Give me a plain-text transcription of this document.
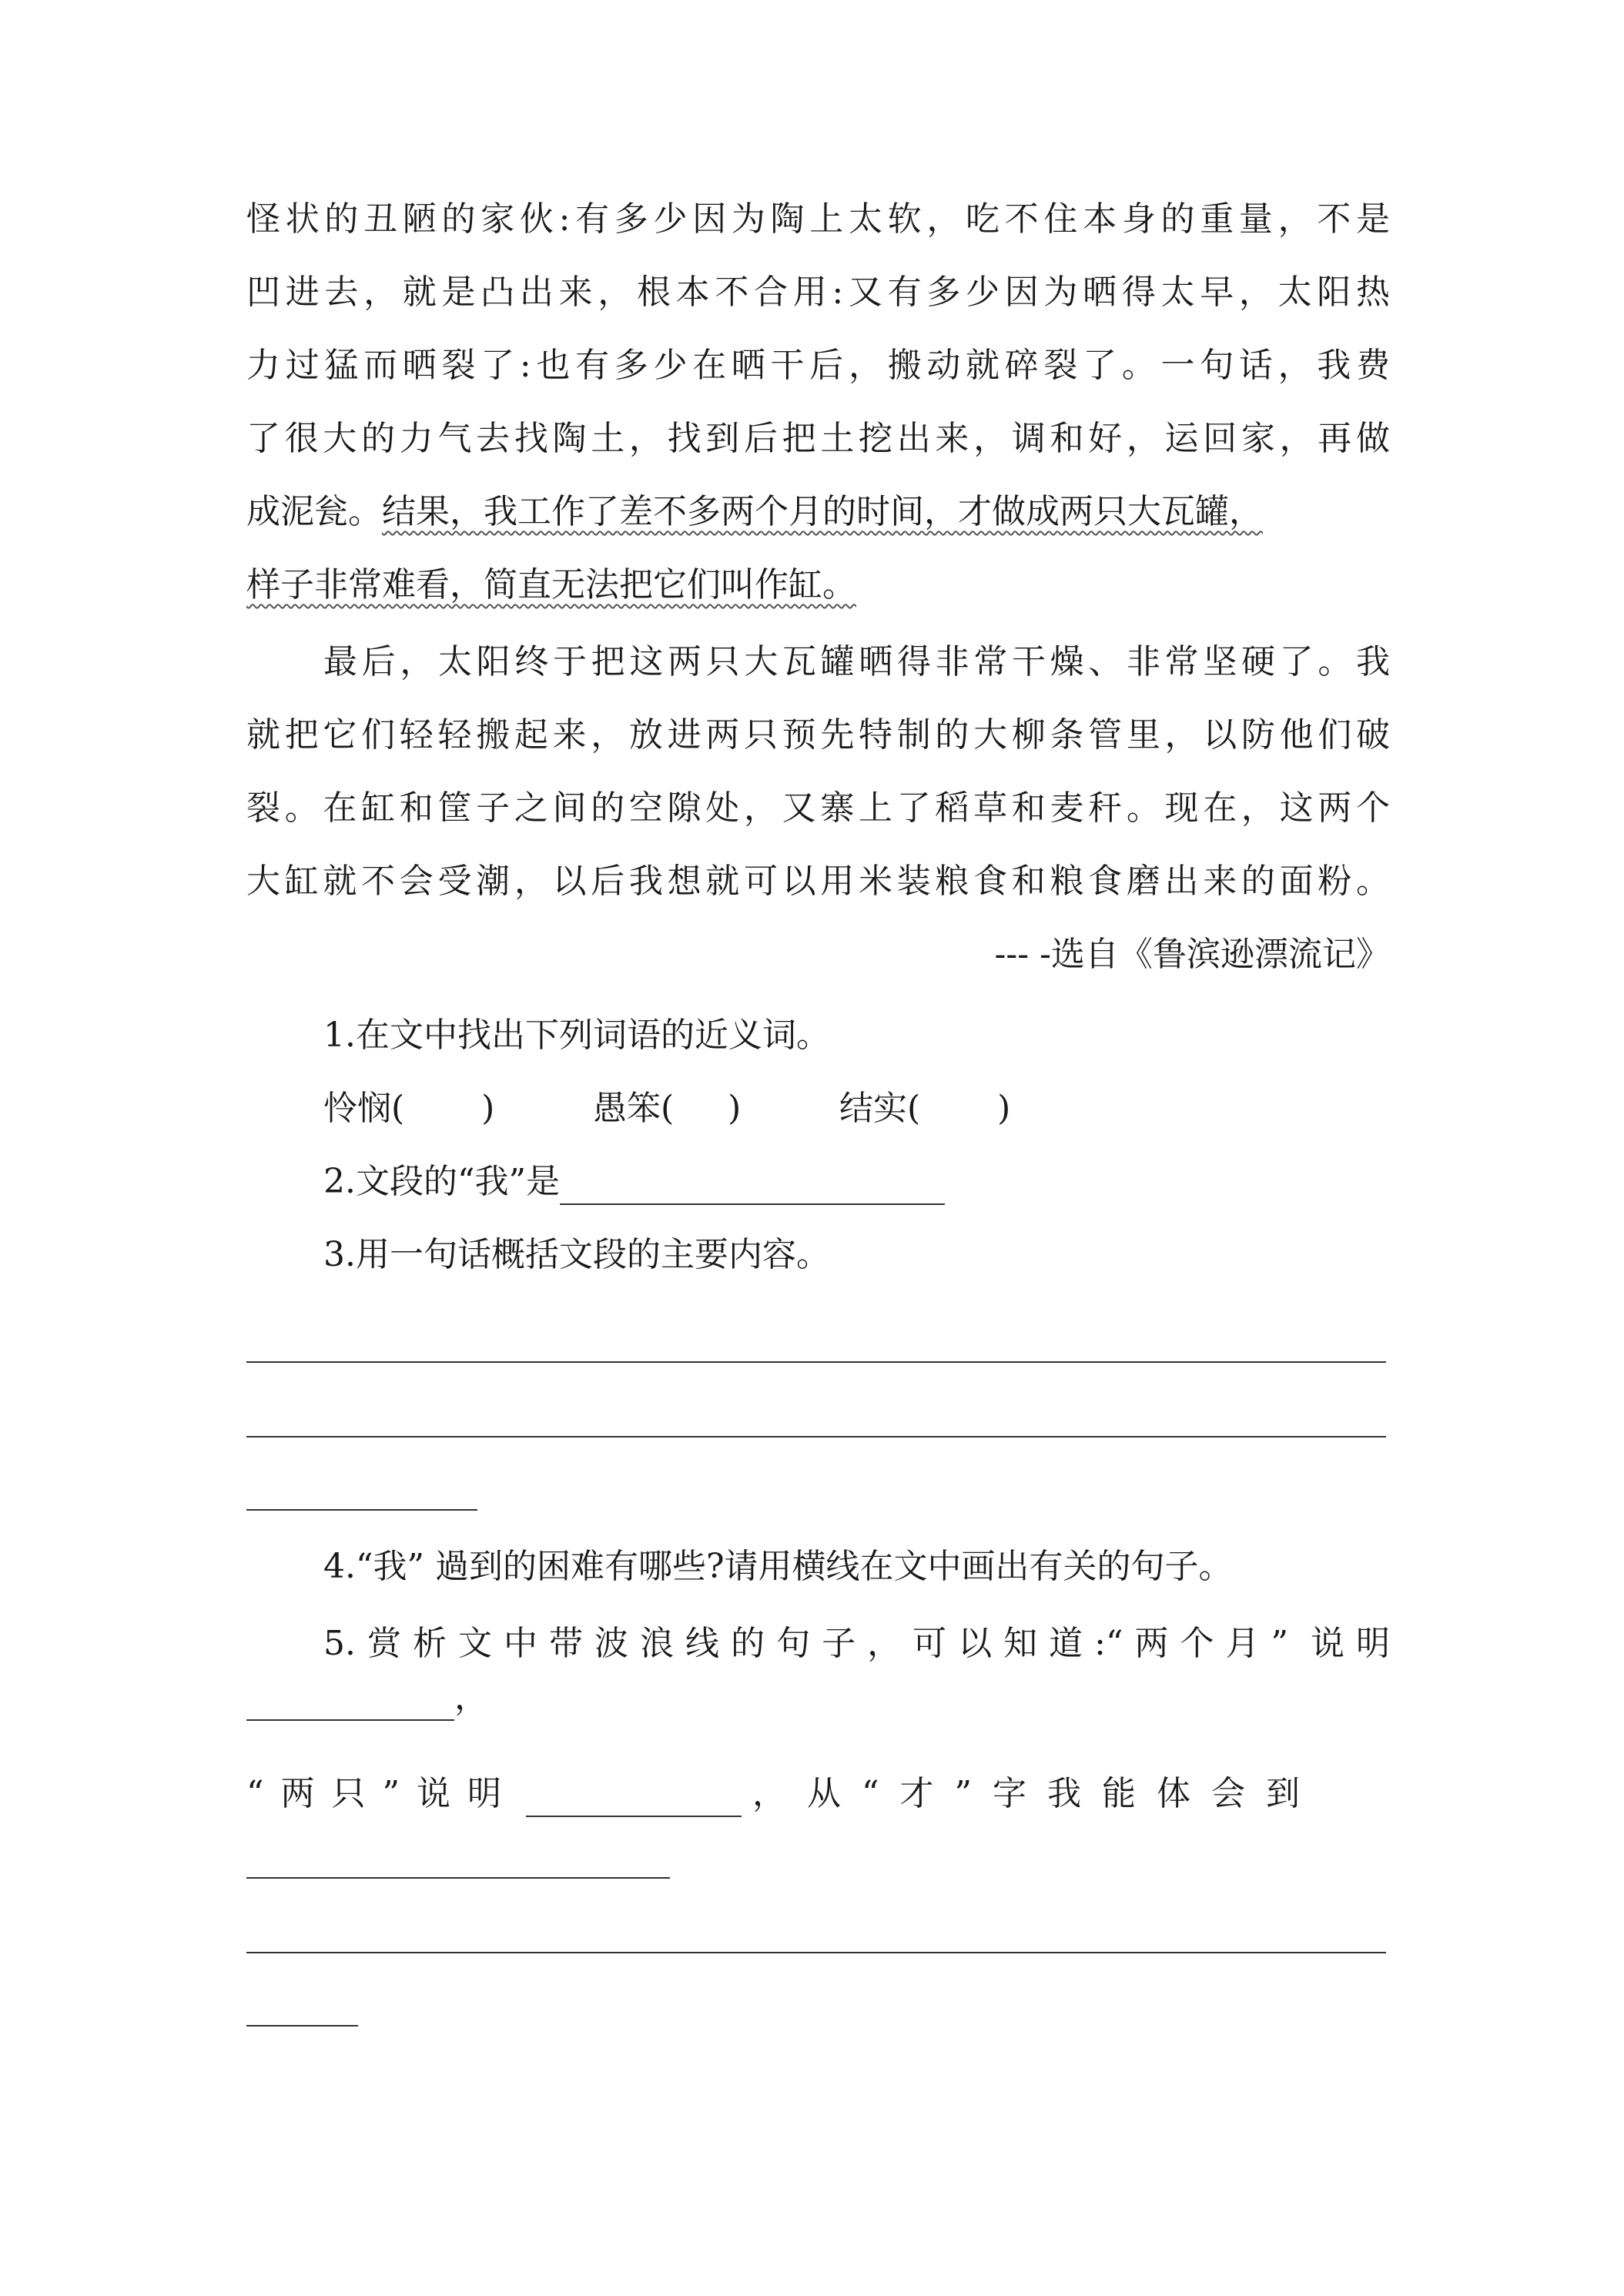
怪状的丑陋的家伙:有多少因为陶上太软，吃不住本身的重量，不是
凹进去，就是凸出来，根本不合用:又有多少因为晒得太早，太阳热
力过猛而晒裂了:也有多少在晒干后，搬动就碎裂了。一句话，我费
了很大的力气去找陶土，找到后把土挖出来，调和好，运回家，再做
成泥瓮。结果，我工作了差不多两个月的时间，才做成两只大瓦罐，
样子非常难看，简直无法把它们叫作缸。
最后，太阳终于把这两只大瓦罐晒得非常干燥、非常坚硬了。我
就把它们轻轻搬起来，放进两只预先特制的大柳条管里，以防他们破
裂。在缸和筐子之间的空隙处，又寨上了稻草和麦秆。现在，这两个
大缸就不会受潮，以后我想就可以用米装粮食和粮食磨出来的面粉。
--- -选自《鲁滨逊漂流记》
1.在文中找出下列词语的近义词。
怜悯( )	愚笨( )	结实( )
2.文段的“我”是
3.用一句话概括文段的主要内容。
4.“我” 過到的困难有哪些?请用横线在文中画出有关的句子。
5.赏析文中带波浪线的句子，可以知道:“两个月” 说明
，
“两只”说明	，从“才”字我能体会到
